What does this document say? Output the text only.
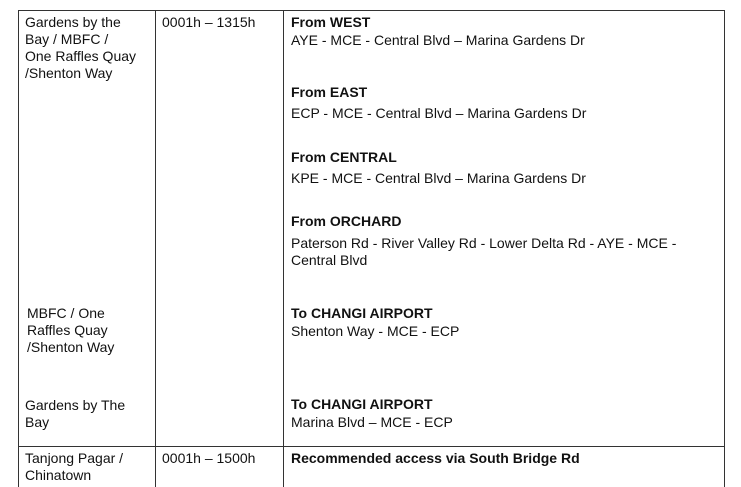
Gardens by the
Bay / MBFC /
One Raffles Quay
/Shenton Way
MBFC / One
Raffles Quay
/Shenton Way
Gardens by The
Bay
0001h – 1315h	From WEST
AYE - MCE - Central Blvd – Marina Gardens Dr
From EAST
ECP - MCE - Central Blvd – Marina Gardens Dr
From CENTRAL
KPE - MCE - Central Blvd – Marina Gardens Dr
From ORCHARD
Paterson Rd - River Valley Rd - Lower Delta Rd - AYE - MCE -
Central Blvd
To CHANGI AIRPORT
Shenton Way - MCE - ECP
To CHANGI AIRPORT
Marina Blvd – MCE - ECP
Tanjong Pagar /
Chinatown
0001h – 1500h	Recommended access via South Bridge Rd
